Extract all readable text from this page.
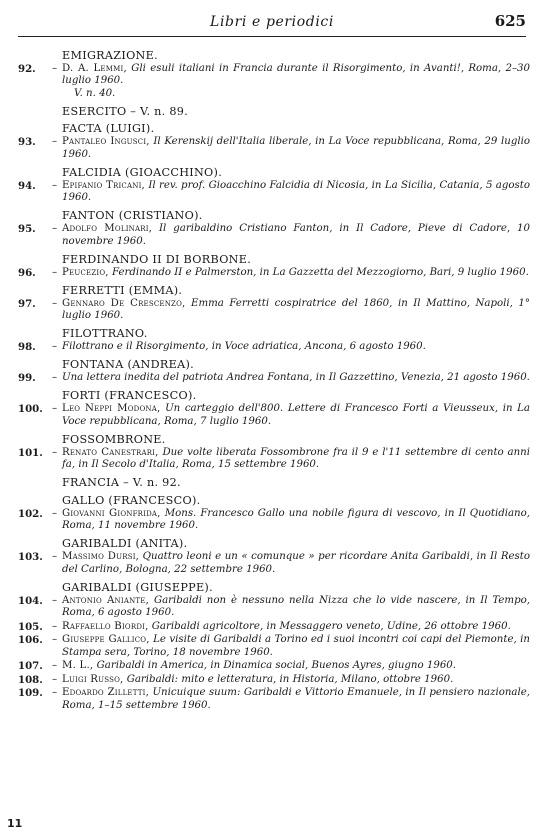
Libri e periodici	625
EMIGRAZIONE.
92.	– D. A. Lemmi, Gli esuli italiani in Francia durante il Risorgimento, in Avanti!, Roma, 2–30 luglio 1960.
V. n. 40.
ESERCITO – V. n. 89.
FACTA (LUIGI).
93.	– Pantaleo Ingusci, Il Kerenskij dell'Italia liberale, in La Voce repubblicana, Roma, 29 luglio 1960.
FALCIDIA (GIOACCHINO).
94.	– Epifanio Tricani, Il rev. prof. Gioacchino Falcidia di Nicosia, in La Sicilia, Catania, 5 agosto 1960.
FANTON (CRISTIANO).
95.	– Adolfo Molinari, Il garibaldino Cristiano Fanton, in Il Cadore, Pieve di Cadore, 10 novembre 1960.
FERDINANDO II DI BORBONE.
96.	– Peucezio, Ferdinando II e Palmerston, in La Gazzetta del Mezzogiorno, Bari, 9 luglio 1960.
FERRETTI (EMMA).
97.	– Gennaro De Crescenzo, Emma Ferretti cospiratrice del 1860, in Il Mattino, Napoli, 1° luglio 1960.
FILOTTRANO.
98.	– Filottrano e il Risorgimento, in Voce adriatica, Ancona, 6 agosto 1960.
FONTANA (ANDREA).
99.	– Una lettera inedita del patriota Andrea Fontana, in Il Gazzettino, Venezia, 21 agosto 1960.
FORTI (FRANCESCO).
100. – Leo Neppi Modona, Un carteggio dell'800. Lettere di Francesco Forti a Vieusseux, in La Voce repubblicana, Roma, 7 luglio 1960.
FOSSOMBRONE.
101. – Renato Canestrari, Due volte liberata Fossombrone fra il 9 e l'11 settembre di cento anni fa, in Il Secolo d'Italia, Roma, 15 settembre 1960.
FRANCIA – V. n. 92.
GALLO (FRANCESCO).
102. – Giovanni Gionfrida, Mons. Francesco Gallo una nobile figura di vescovo, in Il Quotidiano, Roma, 11 novembre 1960.
GARIBALDI (ANITA).
103. – Massimo Dursi, Quattro leoni e un « comunque » per ricordare Anita Garibaldi, in Il Resto del Carlino, Bologna, 22 settembre 1960.
GARIBALDI (GIUSEPPE).
104. – Antonio Aniante, Garibaldi non è nessuno nella Nizza che lo vide nascere, in Il Tempo, Roma, 6 agosto 1960.
105. – Raffaello Biordi, Garibaldi agricoltore, in Messaggero veneto, Udine, 26 ottobre 1960.
106. – Giuseppe Gallico, Le visite di Garibaldi a Torino ed i suoi incontri coi capi del Piemonte, in Stampa sera, Torino, 18 novembre 1960.
107. – M. L., Garibaldi in America, in Dinamica social, Buenos Ayres, giugno 1960.
108. – Luigi Russo, Garibaldi: mito e letteratura, in Historia, Milano, ottobre 1960.
109. – Edoardo Zilletti, Unicuique suum: Garibaldi e Vittorio Emanuele, in Il pensiero nazionale, Roma, 1–15 settembre 1960.
11
